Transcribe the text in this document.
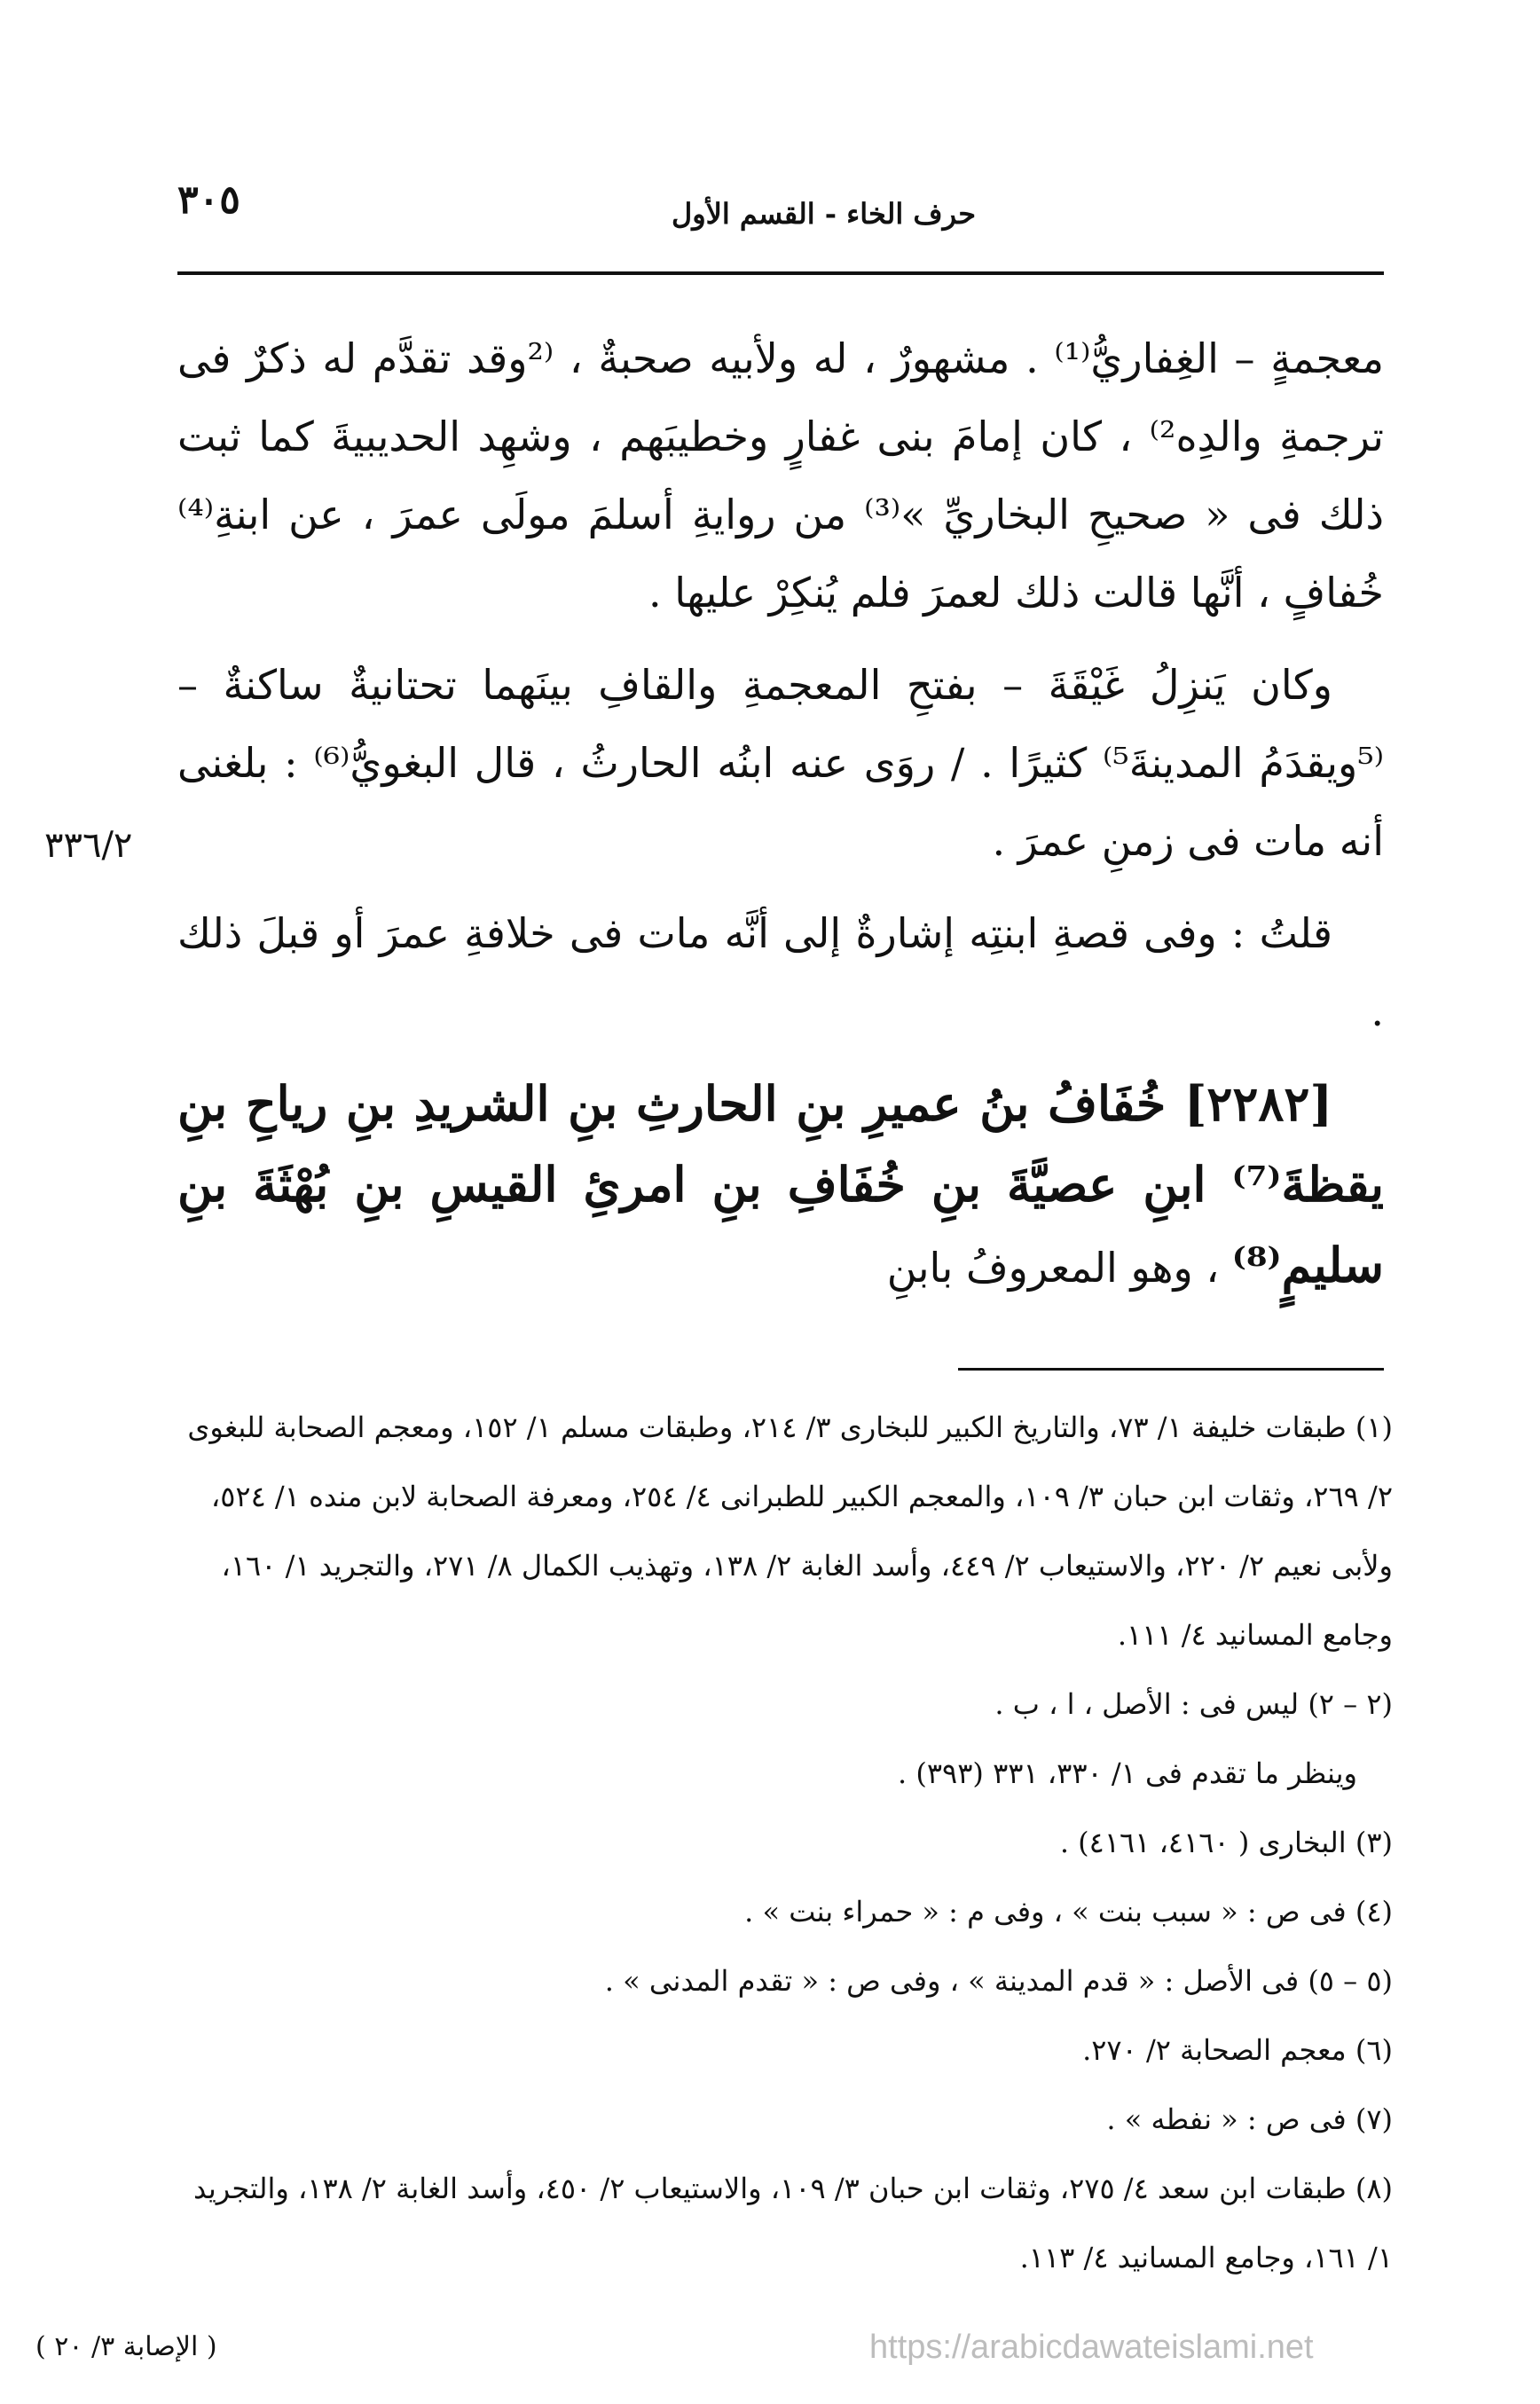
٣٠٥	حرف الخاء - القسم الأول

معجمةٍ – الغِفاريُّ⁽¹⁾ . مشهورٌ ، له ولأبيه صحبةٌ ، ⁽²وقد تقدَّم له ذكرٌ فى ترجمةِ والدِه²⁾ ، كان إمامَ بنى غفارٍ وخطيبَهم ، وشهِد الحديبيةَ كما ثبت ذلك فى « صحيحِ البخاريِّ »⁽³⁾ من روايةِ أسلمَ مولَى عمرَ ، عن ابنةِ⁽⁴⁾ خُفافٍ ، أنَّها قالت ذلك لعمرَ فلم يُنكِرْ عليها .

وكان يَنزِلُ غَيْقَةَ – بفتحِ المعجمةِ والقافِ بينَهما تحتانيةٌ ساكنةٌ – ⁽⁵ويقدَمُ المدينةَ⁵⁾ كثيرًا . / روَى عنه ابنُه الحارثُ ، قال البغويُّ⁽⁶⁾ : بلغنى أنه مات فى زمنِ عمرَ .

قلتُ : وفى قصةِ ابنتِه إشارةٌ إلى أنَّه مات فى خلافةِ عمرَ أو قبلَ ذلك .

[٢٢٨٢] خُفَافُ بنُ عميرِ بنِ الحارثِ بنِ الشريدِ بنِ رياحِ بنِ يقظةَ⁽⁷⁾ ابنِ عصيَّةَ بنِ خُفَافِ بنِ امرئِ القيسِ بنِ بُهْثَةَ بنِ سليمٍ⁽⁸⁾ ، وهو المعروفُ بابنِ

٣٣٦/٢
(١) طبقات خليفة ١/ ٧٣، والتاريخ الكبير للبخارى ٣/ ٢١٤، وطبقات مسلم ١/ ١٥٢، ومعجم الصحابة للبغوى ٢/ ٢٦٩، وثقات ابن حبان ٣/ ١٠٩، والمعجم الكبير للطبرانى ٤/ ٢٥٤، ومعرفة الصحابة لابن منده ١/ ٥٢٤، ولأبى نعيم ٢/ ٢٢٠، والاستيعاب ٢/ ٤٤٩، وأسد الغابة ٢/ ١٣٨، وتهذيب الكمال ٨/ ٢٧١، والتجريد ١/ ١٦٠، وجامع المسانيد ٤/ ١١١.
(٢ – ٢) ليس فى : الأصل ، ا ، ب .
وينظر ما تقدم فى ١/ ٣٣٠، ٣٣١ (٣٩٣) .
(٣) البخارى ( ٤١٦٠، ٤١٦١) .
(٤) فى ص : « سبب بنت » ، وفى م : « حمراء بنت » .
(٥ – ٥) فى الأصل : « قدم المدينة » ، وفى ص : « تقدم المدنى » .
(٦) معجم الصحابة ٢/ ٢٧٠.
(٧) فى ص : « نفطه » .
(٨) طبقات ابن سعد ٤/ ٢٧٥، وثقات ابن حبان ٣/ ١٠٩، والاستيعاب ٢/ ٤٥٠، وأسد الغابة ٢/ ١٣٨، والتجريد ١/ ١٦١، وجامع المسانيد ٤/ ١١٣.
( الإصابة ٣/ ٢٠ )	https://arabicdawateislami.net
